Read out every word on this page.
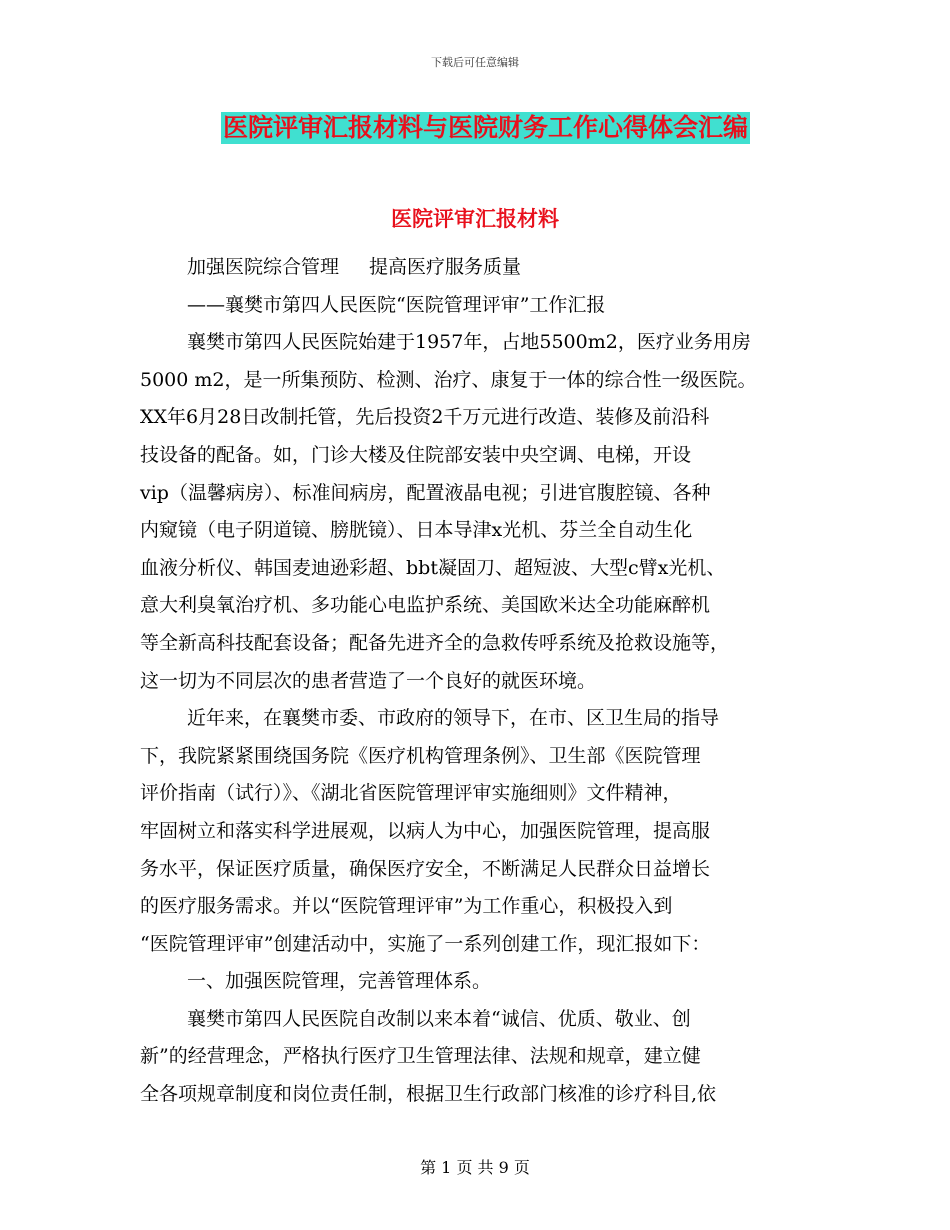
下载后可任意编辑
医院评审汇报材料与医院财务工作心得体会汇编
医院评审汇报材料
加强医院综合管理 提高医疗服务质量
——襄樊市第四人民医院“医院管理评审”工作汇报
襄樊市第四人民医院始建于1957年，占地5500m2，医疗业务用房
5000 m2，是一所集预防、检测、治疗、康复于一体的综合性一级医院。
XX年6月28日改制托管，先后投资2千万元进行改造、装修及前沿科
技设备的配备。如，门诊大楼及住院部安装中央空调、电梯，开设
vip（温馨病房）、标准间病房，配置液晶电视；引进官腹腔镜、各种
内窥镜（电子阴道镜、膀胱镜）、日本导津x光机、芬兰全自动生化
血液分析仪、韩国麦迪逊彩超、bbt凝固刀、超短波、大型c臂x光机、
意大利臭氧治疗机、多功能心电监护系统、美国欧米达全功能麻醉机
等全新高科技配套设备；配备先进齐全的急救传呼系统及抢救设施等，
这一切为不同层次的患者营造了一个良好的就医环境。
近年来，在襄樊市委、市政府的领导下，在市、区卫生局的指导
下，我院紧紧围绕国务院《医疗机构管理条例》、卫生部《医院管理
评价指南（试行）》、《湖北省医院管理评审实施细则》文件精神，
牢固树立和落实科学进展观，以病人为中心，加强医院管理，提高服
务水平，保证医疗质量，确保医疗安全，不断满足人民群众日益增长
的医疗服务需求。并以“医院管理评审”为工作重心，积极投入到
“医院管理评审”创建活动中，实施了一系列创建工作，现汇报如下：
一、加强医院管理，完善管理体系。
襄樊市第四人民医院自改制以来本着“诚信、优质、敬业、创
新”的经营理念，严格执行医疗卫生管理法律、法规和规章，建立健
全各项规章制度和岗位责任制，根据卫生行政部门核准的诊疗科目,依
第 1 页 共 9 页
